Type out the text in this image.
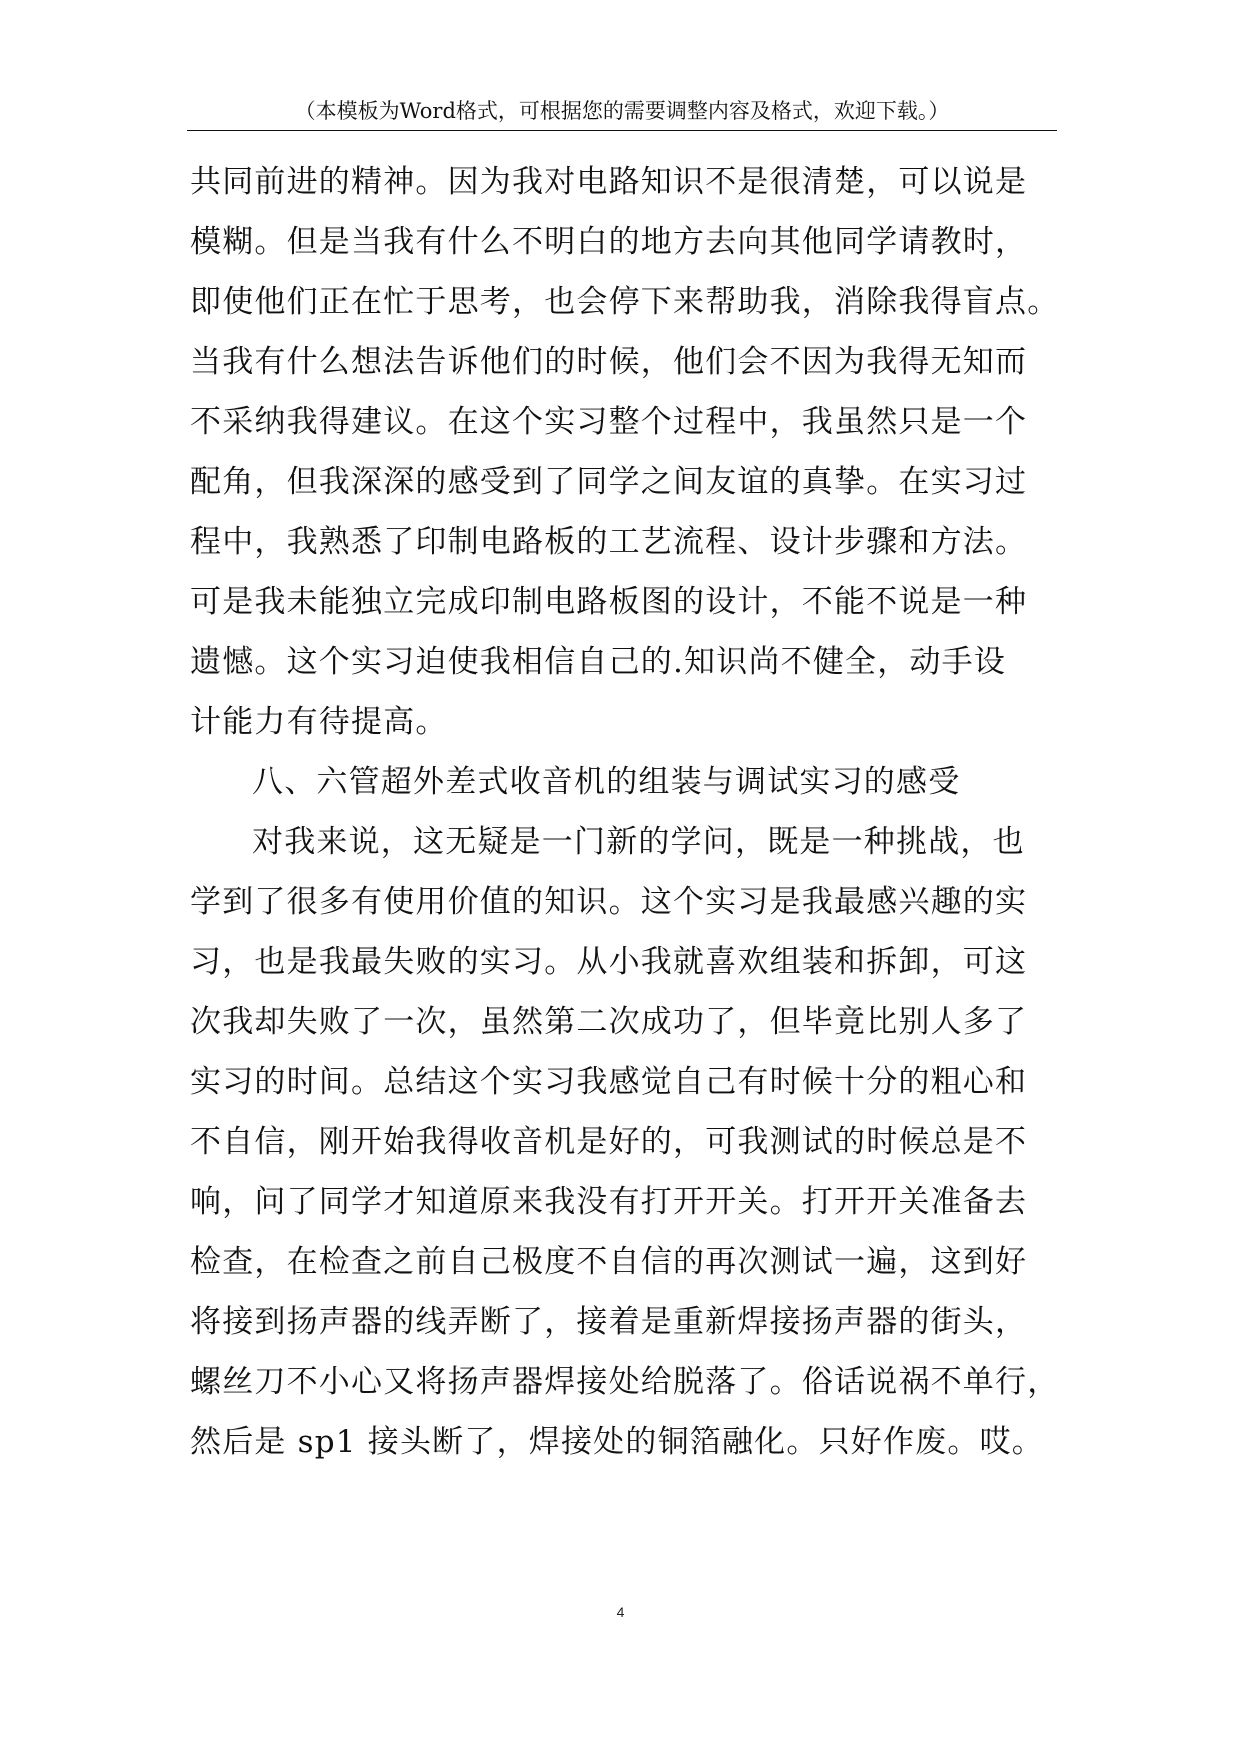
（本模板为Word格式，可根据您的需要调整内容及格式，欢迎下载。）
共同前进的精神。因为我对电路知识不是很清楚，可以说是
模糊。但是当我有什么不明白的地方去向其他同学请教时，
即使他们正在忙于思考，也会停下来帮助我，消除我得盲点。
当我有什么想法告诉他们的时候，他们会不因为我得无知而
不采纳我得建议。在这个实习整个过程中，我虽然只是一个
配角，但我深深的感受到了同学之间友谊的真挚。在实习过
程中，我熟悉了印制电路板的工艺流程、设计步骤和方法。
可是我未能独立完成印制电路板图的设计，不能不说是一种
遗憾。这个实习迫使我相信自己的.知识尚不健全，动手设
计能力有待提高。
八、六管超外差式收音机的组装与调试实习的感受
对我来说，这无疑是一门新的学问，既是一种挑战，也
学到了很多有使用价值的知识。这个实习是我最感兴趣的实
习，也是我最失败的实习。从小我就喜欢组装和拆卸，可这
次我却失败了一次，虽然第二次成功了，但毕竟比别人多了
实习的时间。总结这个实习我感觉自己有时候十分的粗心和
不自信，刚开始我得收音机是好的，可我测试的时候总是不
响，问了同学才知道原来我没有打开开关。打开开关准备去
检查，在检查之前自己极度不自信的再次测试一遍，这到好
将接到扬声器的线弄断了，接着是重新焊接扬声器的街头，
螺丝刀不小心又将扬声器焊接处给脱落了。俗话说祸不单行，
然后是 sp1 接头断了，焊接处的铜箔融化。只好作废。哎。
4
